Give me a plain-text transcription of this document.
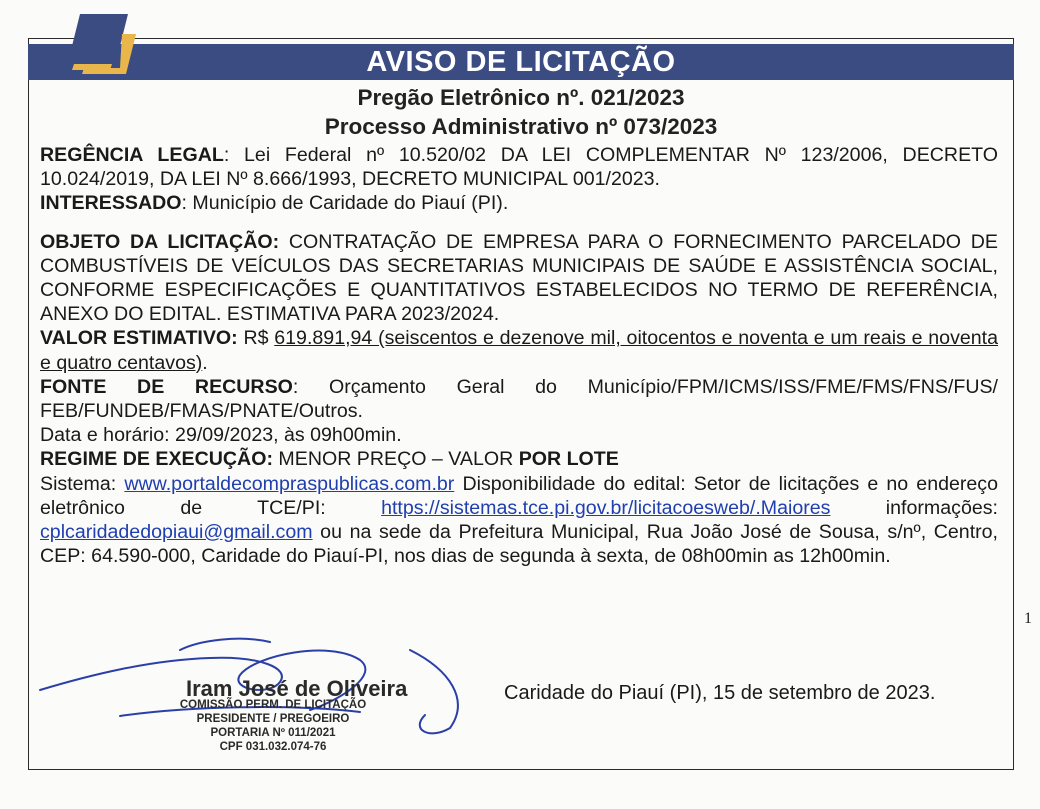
AVISO DE LICITAÇÃO
Pregão Eletrônico nº. 021/2023
Processo Administrativo nº 073/2023

REGÊNCIA LEGAL: Lei Federal nº 10.520/02 DA LEI COMPLEMENTAR Nº 123/2006, DECRETO 10.024/2019, DA LEI Nº 8.666/1993, DECRETO MUNICIPAL 001/2023.

INTERESSADO: Município de Caridade do Piauí (PI).

OBJETO DA LICITAÇÃO: CONTRATAÇÃO DE EMPRESA PARA O FORNECIMENTO PARCELADO DE COMBUSTÍVEIS DE VEÍCULOS DAS SECRETARIAS MUNICIPAIS DE SAÚDE E ASSISTÊNCIA SOCIAL, CONFORME ESPECIFICAÇÕES E QUANTITATIVOS ESTABELECIDOS NO TERMO DE REFERÊNCIA, ANEXO DO EDITAL. ESTIMATIVA PARA 2023/2024.

VALOR ESTIMATIVO: R$ 619.891,94 (seiscentos e dezenove mil, oitocentos e noventa e um reais e noventa e quatro centavos).

FONTE DE RECURSO: Orçamento Geral do Município/FPM/ICMS/ISS/FME/FMS/FNS/FUS/ FEB/FUNDEB/FMAS/PNATE/Outros.

Data e horário: 29/09/2023, às 09h00min.

REGIME DE EXECUÇÃO: MENOR PREÇO – VALOR POR LOTE

Sistema: www.portaldecompraspublicas.com.br Disponibilidade do edital: Setor de licitações e no endereço eletrônico de TCE/PI: https://sistemas.tce.pi.gov.br/licitacoesweb/.Maiores informações: cplcaridadedopiaui@gmail.com ou na sede da Prefeitura Municipal, Rua João José de Sousa, s/nº, Centro, CEP: 64.590-000, Caridade do Piauí-PI, nos dias de segunda à sexta, de 08h00min as 12h00min.

Iram José de Oliveira
COMISSÃO PERM. DE LICITAÇÃO
PRESIDENTE / PREGOEIRO
PORTARIA Nº 011/2021
CPF 031.032.074-76
Caridade do Piauí (PI), 15 de setembro de 2023.
1
